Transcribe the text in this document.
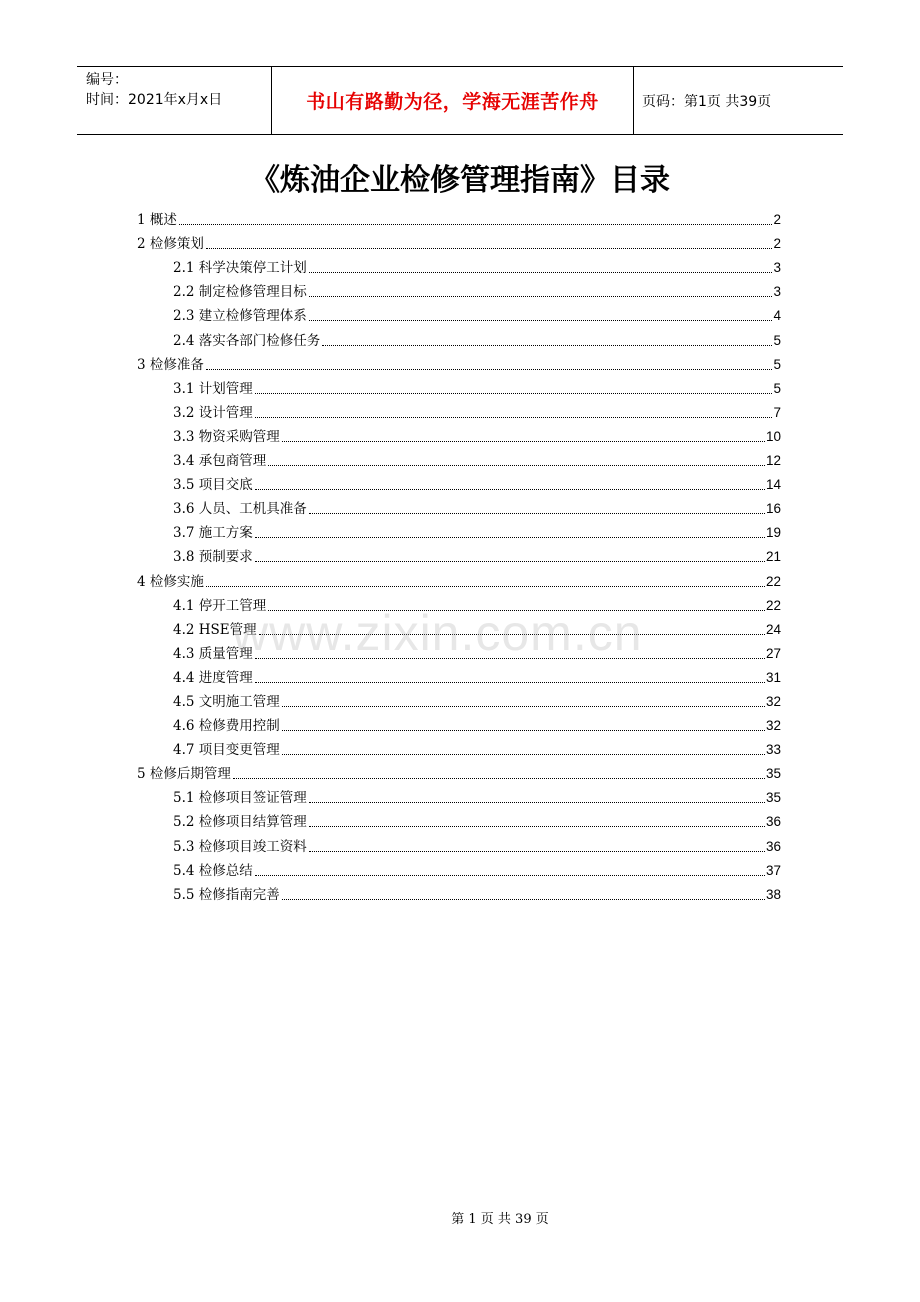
编号：
时间：2021年x月x日	书山有路勤为径，学海无涯苦作舟	页码：第1页 共39页
《炼油企业检修管理指南》目录
1 概述	2
2 检修策划	2
2.1 科学决策停工计划	3
2.2 制定检修管理目标	3
2.3 建立检修管理体系	4
2.4 落实各部门检修任务	5
3 检修准备	5
3.1 计划管理	5
3.2 设计管理	7
3.3 物资采购管理	10
3.4 承包商管理	12
3.5 项目交底	14
3.6 人员、工机具准备	16
3.7 施工方案	19
3.8 预制要求	21
4 检修实施	22
4.1 停开工管理	22
4.2 HSE管理	24
4.3 质量管理	27
4.4 进度管理	31
4.5 文明施工管理	32
4.6 检修费用控制	32
4.7 项目变更管理	33
5 检修后期管理	35
5.1 检修项目签证管理	35
5.2 检修项目结算管理	36
5.3 检修项目竣工资料	36
5.4 检修总结	37
5.5 检修指南完善	38
www.zixin.com.cn
第 1 页 共 39 页
